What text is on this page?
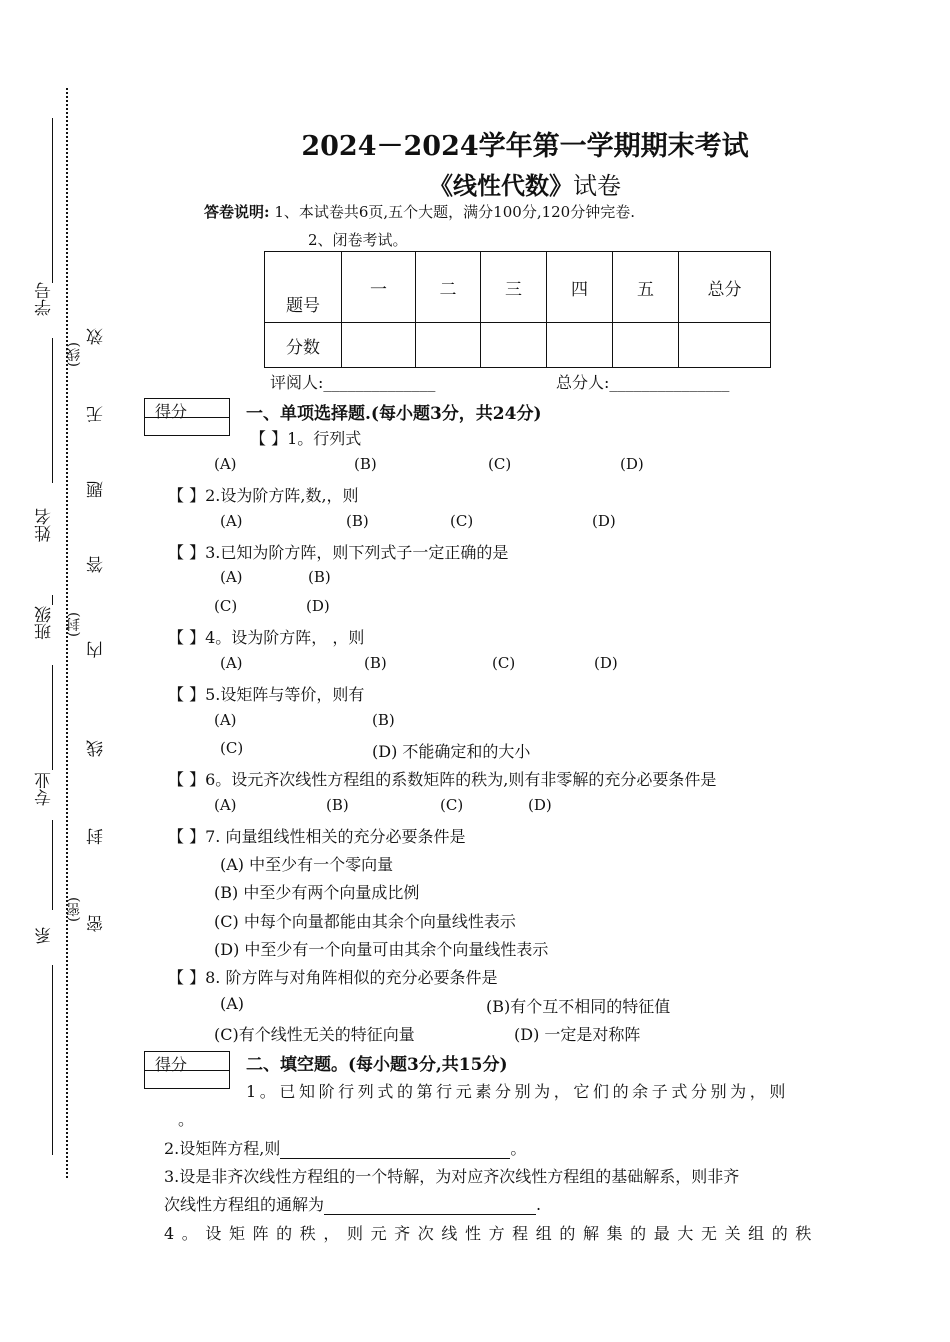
学号
姓名
班级
专业
系
(线)
(封)
(密)
效
无
题
答
内
线
封
密
2024－2024学年第一学期期末考试
《线性代数》试卷
答卷说明: 1、本试卷共6页,五个大题，满分100分,120分钟完卷.
2、闭卷考试。
题号	一	二	三	四	五	总分
分数						
评阅人:______________	总分人:_______________
得分	一、单项选择题.(每小题3分，共24分)
【 】1。行列式
(A)	(B)	(C)	(D)
【 】2.设为阶方阵,数,，则
(A)	(B)	(C)	(D)
【 】3.已知为阶方阵，则下列式子一定正确的是
(A)	(B)
(C)	(D)
【 】4。设为阶方阵， ，则
(A)	(B)	(C)	(D)
【 】5.设矩阵与等价，则有
(A)	(B)
(C)	(D) 不能确定和的大小
【 】6。设元齐次线性方程组的系数矩阵的秩为,则有非零解的充分必要条件是
(A)	(B)	(C)	(D)
【 】7. 向量组线性相关的充分必要条件是
(A) 中至少有一个零向量
(B) 中至少有两个向量成比例
(C) 中每个向量都能由其余个向量线性表示
(D) 中至少有一个向量可由其余个向量线性表示
【 】8. 阶方阵与对角阵相似的充分必要条件是
(A)	(B)有个互不相同的特征值
(C)有个线性无关的特征向量	(D) 一定是对称阵
得分	二、填空题。(每小题3分,共15分)
1。已知阶行列式的第行元素分别为，它们的余子式分别为，则
。
2.设矩阵方程,则	。
3.设是非齐次线性方程组的一个特解，为对应齐次线性方程组的基础解系，则非齐
次线性方程组的通解为	.
4。设矩阵的秩，则元齐次线性方程组的解集的最大无关组的秩
